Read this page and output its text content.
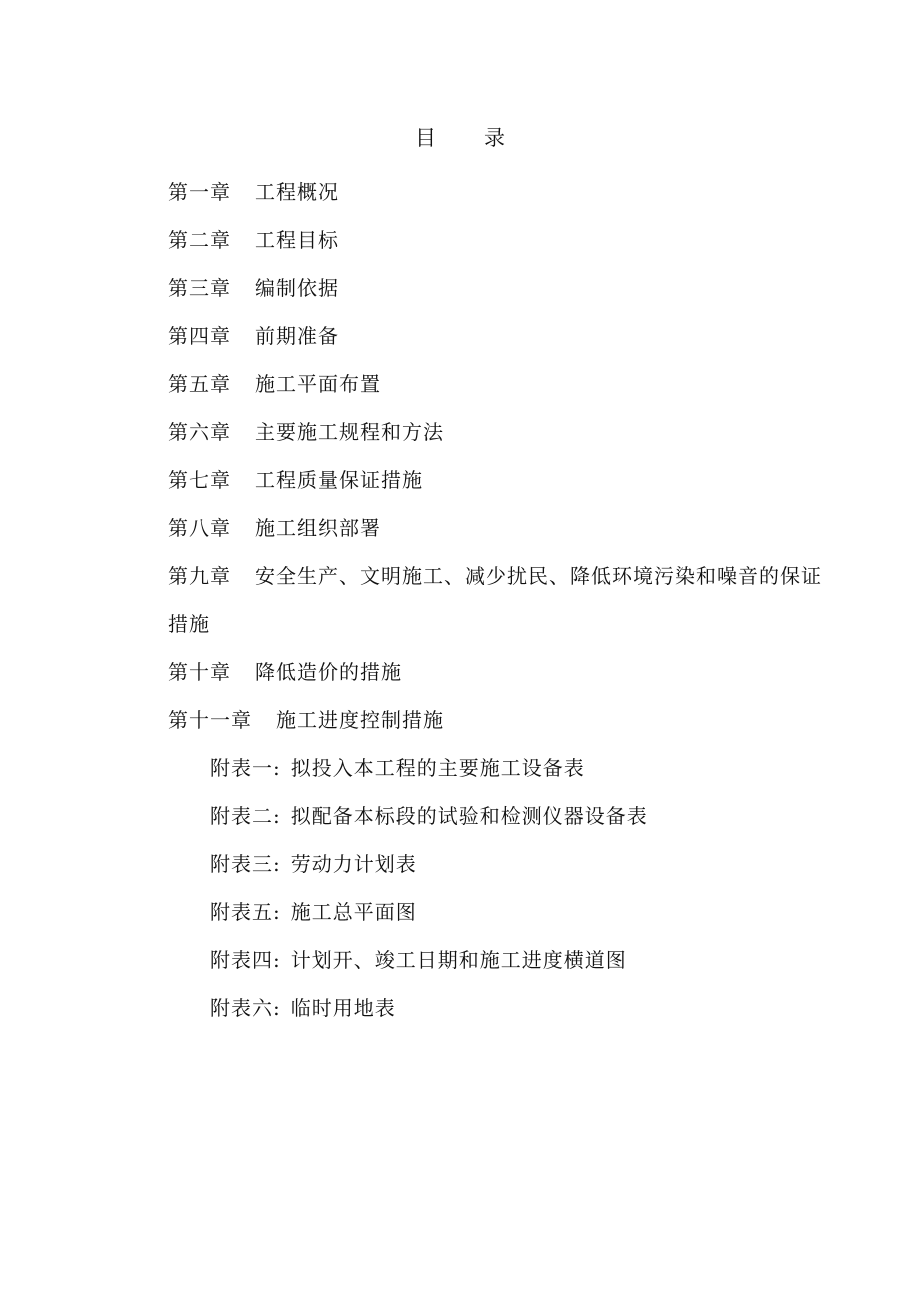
目 录
第一章 工程概况
第二章 工程目标
第三章 编制依据
第四章 前期准备
第五章 施工平面布置
第六章 主要施工规程和方法
第七章 工程质量保证措施
第八章 施工组织部署
第九章 安全生产、文明施工、减少扰民、降低环境污染和噪音的保证措施
第十章 降低造价的措施
第十一章 施工进度控制措施
附表一: 拟投入本工程的主要施工设备表
附表二: 拟配备本标段的试验和检测仪器设备表
附表三: 劳动力计划表
附表五: 施工总平面图
附表四: 计划开、竣工日期和施工进度横道图
附表六: 临时用地表
